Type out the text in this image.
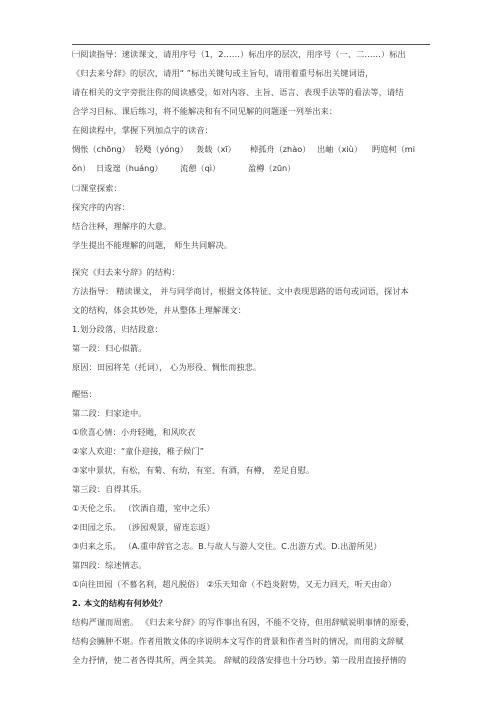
㈠阅读指导：速读课文，请用序号（1，2……）标出序的层次，用序号（一、二……）标出
《归去来兮辞》的层次，请用“ ”标出关键句或主旨句，请用着重号标出关键词语，
请在相关的文字旁批注你的阅读感受，如对内容、主旨、语言、表现手法等的看法等，请结
合学习目标、课后练习，将不能解决和有不同见解的问题逐一列举出来：
在阅读程中，掌握下列加点字的读音：
惆怅（chōng） 轻飏（yóng） 轰载（xī） 棹孤舟（zhào） 出岫（xiù） 眄庭柯（mi
ǒn） 日逡遑（huáng） 流憩（qì）	盈樽（zūn）
㈡课堂探索：
探究序的内容：
结合注释，理解序的大意。
学生提出不能理解的问题， 师生共同解决。
探究《归去来兮辞》的结构：
方法指导： 精读课文， 并与同学商讨，根据文体特征、文中表现思路的语句或词语，探讨本
文的结构，体会其妙处，并从整体上理解课文：
1.划分段落，归结段意：
第一段：归心似箭。
原因：田园将芜（托词）， 心为形役、惆怅而独悲。
醒悟：
第二段：归家途中。
①欣喜心情：小舟轻飏，和风吹衣
②家人欢迎：“童仆迎接，稚子候门”
③家中景状，有松，有菊、有幼，有室、有酒，有樽， 差足自慰。
第三段：自得其乐。
①天伦之乐。 （饮酒自遣，室中之乐）
②田园之乐。 （涉园观景，留连忘返）
③归来之乐。 （A.重申辞官之志。B.与故人与游人交往。C.出游方式。D.出游所见）
第四段：综述情志。
①向往田园（不慕名利，超凡脱俗） ②乐天知命（不趋炎附势，又无力回天，听天由命）
2. 本文的结构有何妙处？
结构严谨而周密。 《归去来兮辞》的写作事出有因，不能不交待，但用辞赋说明事情的原委，
结构会臃肿不堪。作者用散文体的序说明本文写作的背景和作者当时的情况，而用韵文辞赋
全力抒情，使二者各得其所，两全其美。 辞赋的段落安排也十分巧妙。第一段用直接抒情的
